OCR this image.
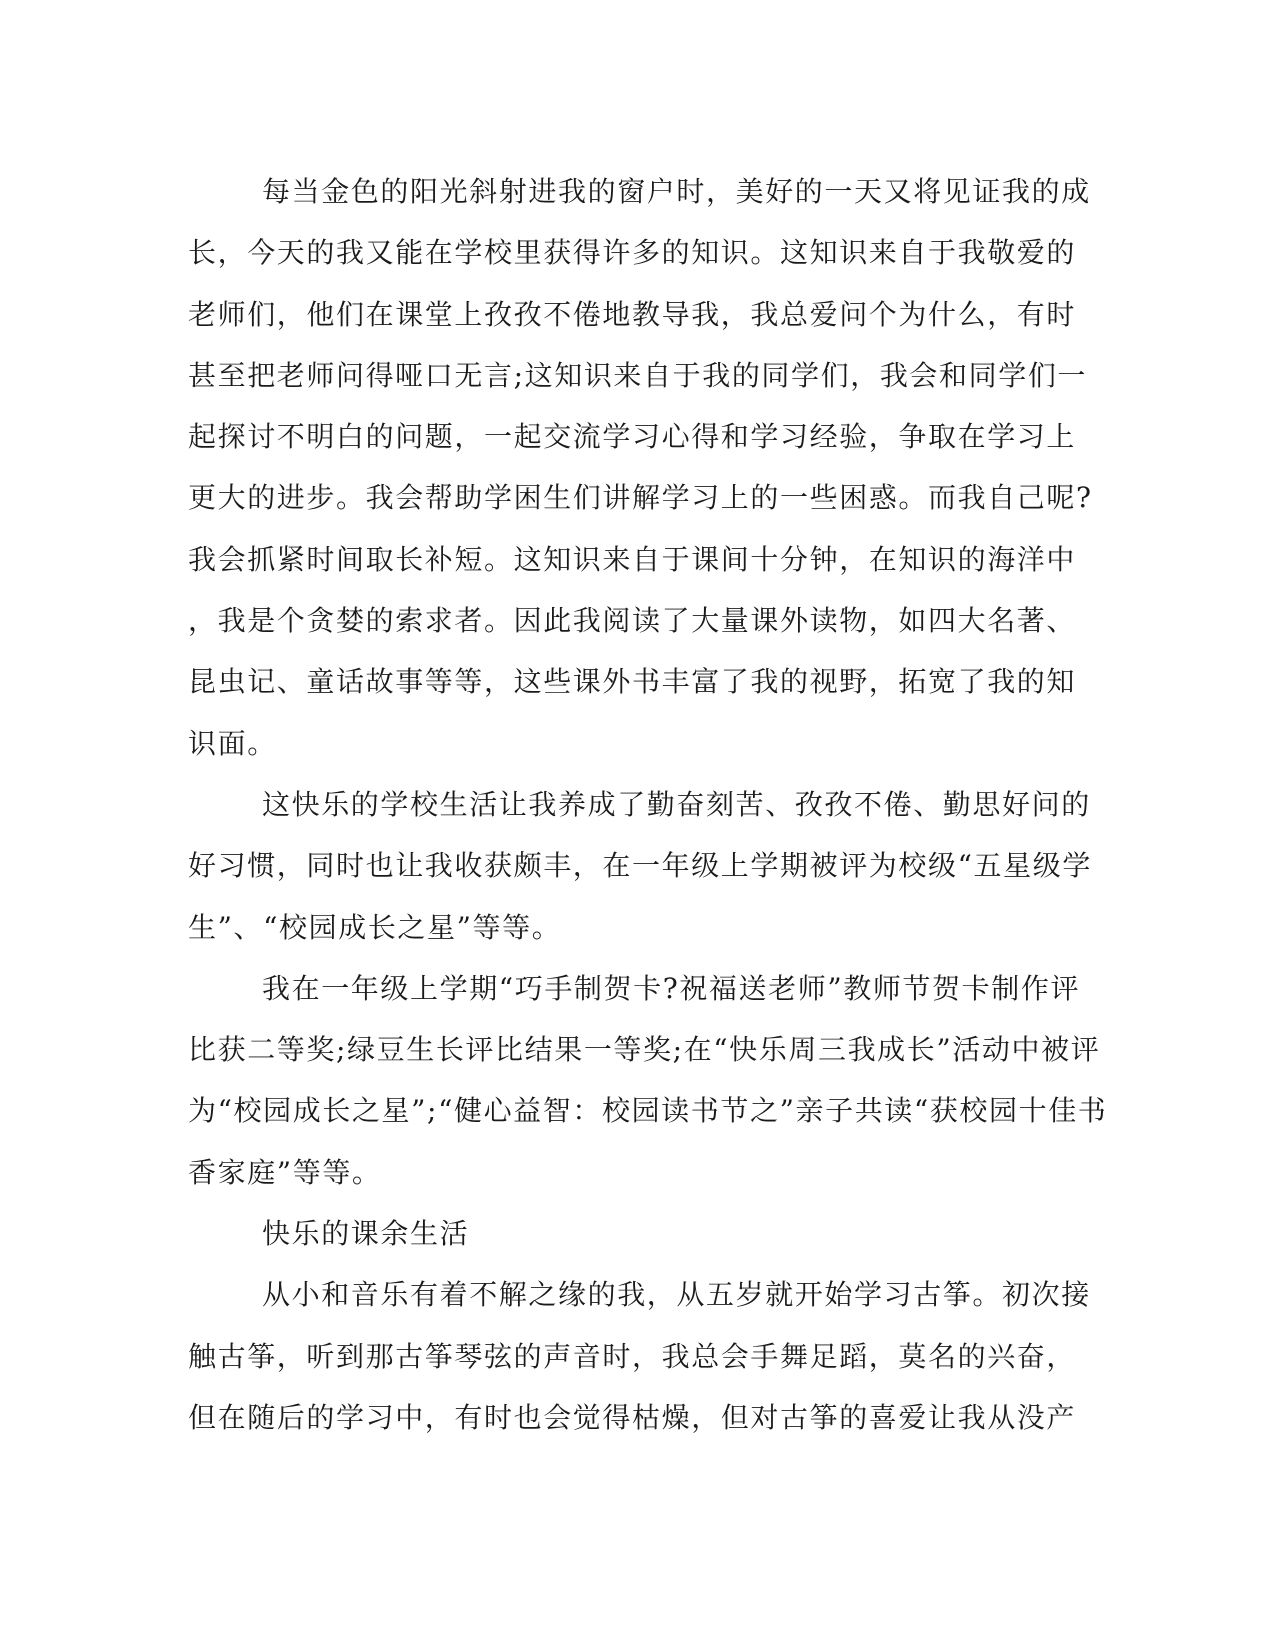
每当金色的阳光斜射进我的窗户时，美好的一天又将见证我的成
长，今天的我又能在学校里获得许多的知识。这知识来自于我敬爱的
老师们，他们在课堂上孜孜不倦地教导我，我总爱问个为什么，有时
甚至把老师问得哑口无言;这知识来自于我的同学们，我会和同学们一
起探讨不明白的问题，一起交流学习心得和学习经验，争取在学习上
更大的进步。我会帮助学困生们讲解学习上的一些困惑。而我自己呢?
我会抓紧时间取长补短。这知识来自于课间十分钟，在知识的海洋中
，我是个贪婪的索求者。因此我阅读了大量课外读物，如四大名著、
昆虫记、童话故事等等，这些课外书丰富了我的视野，拓宽了我的知
识面。
这快乐的学校生活让我养成了勤奋刻苦、孜孜不倦、勤思好问的
好习惯，同时也让我收获颇丰，在一年级上学期被评为校级“五星级学
生”、“校园成长之星”等等。
我在一年级上学期“巧手制贺卡?祝福送老师”教师节贺卡制作评
比获二等奖;绿豆生长评比结果一等奖;在“快乐周三我成长”活动中被评
为“校园成长之星”;“健心益智：校园读书节之”亲子共读“获校园十佳书
香家庭”等等。
快乐的课余生活
从小和音乐有着不解之缘的我，从五岁就开始学习古筝。初次接
触古筝，听到那古筝琴弦的声音时，我总会手舞足蹈，莫名的兴奋，
但在随后的学习中，有时也会觉得枯燥，但对古筝的喜爱让我从没产
